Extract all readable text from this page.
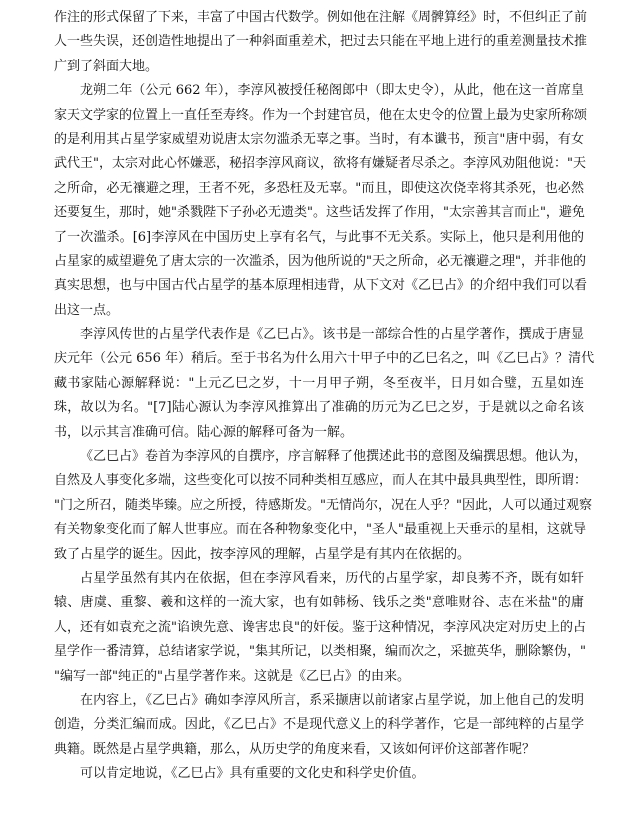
作注的形式保留了下来，丰富了中国古代数学。例如他在注解《周髀算经》时，不但纠正了前
人一些失误，还创造性地提出了一种斜面重差术，把过去只能在平地上进行的重差测量技术推
广到了斜面大地。
龙朔二年（公元 662 年），李淳风被授任秘阁郎中（即太史令），从此，他在这一首席皇
家天文学家的位置上一直任至寿终。作为一个封建官员，他在太史令的位置上最为史家所称颂
的是利用其占星学家威望劝说唐太宗勿滥杀无辜之事。当时，有本谶书，预言"唐中弱，有女
武代王"，太宗对此心怀嫌恶，秘招李淳风商议，欲将有嫌疑者尽杀之。李淳风劝阻他说："天
之所命，必无禳避之理，王者不死，多恐枉及无辜。"而且，即使这次侥幸将其杀死，也必然
还要复生，那时，她"杀戮陛下子孙必无遗类"。这些话发挥了作用，"太宗善其言而止"，避免
了一次滥杀。[6]李淳风在中国历史上享有名气，与此事不无关系。实际上，他只是利用他的
占星家的威望避免了唐太宗的一次滥杀，因为他所说的"天之所命，必无禳避之理"，并非他的
真实思想，也与中国古代占星学的基本原理相违背，从下文对《乙巳占》的介绍中我们可以看
出这一点。
李淳风传世的占星学代表作是《乙巳占》。该书是一部综合性的占星学著作，撰成于唐显
庆元年（公元 656 年）稍后。至于书名为什么用六十甲子中的乙巳名之，叫《乙巳占》？清代
藏书家陆心源解释说："上元乙巳之岁，十一月甲子朔，冬至夜半，日月如合璧，五星如连
珠，故以为名。"[7]陆心源认为李淳风推算出了准确的历元为乙巳之岁，于是就以之命名该
书，以示其言准确可信。陆心源的解释可备为一解。
《乙巳占》卷首为李淳风的自撰序，序言解释了他撰述此书的意图及编撰思想。他认为，
自然及人事变化多端，这些变化可以按不同种类相互感应，而人在其中最具典型性，即所谓：
"门之所召，随类毕臻。应之所授，待感斯发。"无情尚尔，况在人乎？"因此，人可以通过观察
有关物象变化而了解人世事应。而在各种物象变化中，"圣人"最重视上天垂示的星相，这就导
致了占星学的诞生。因此，按李淳风的理解，占星学是有其内在依据的。
占星学虽然有其内在依据，但在李淳风看来，历代的占星学家，却良莠不齐，既有如轩
辕、唐虞、重黎、羲和这样的一流大家，也有如韩杨、钱乐之类"意唯财谷、志在米盐"的庸
人，还有如袁充之流"谄谀先意、谗害忠良"的奸佞。鉴于这种情况，李淳风决定对历史上的占
星学作一番清算，总结诸家学说，"集其所记，以类相聚，编而次之，采摭英华，删除繁伪，"
"编写一部"纯正的"占星学著作来。这就是《乙巳占》的由来。
在内容上，《乙巳占》确如李淳风所言，系采撷唐以前诸家占星学说，加上他自己的发明
创造，分类汇编而成。因此，《乙巳占》不是现代意义上的科学著作，它是一部纯粹的占星学
典籍。既然是占星学典籍，那么，从历史学的角度来看，又该如何评价这部著作呢？
可以肯定地说，《乙巳占》具有重要的文化史和科学史价值。
